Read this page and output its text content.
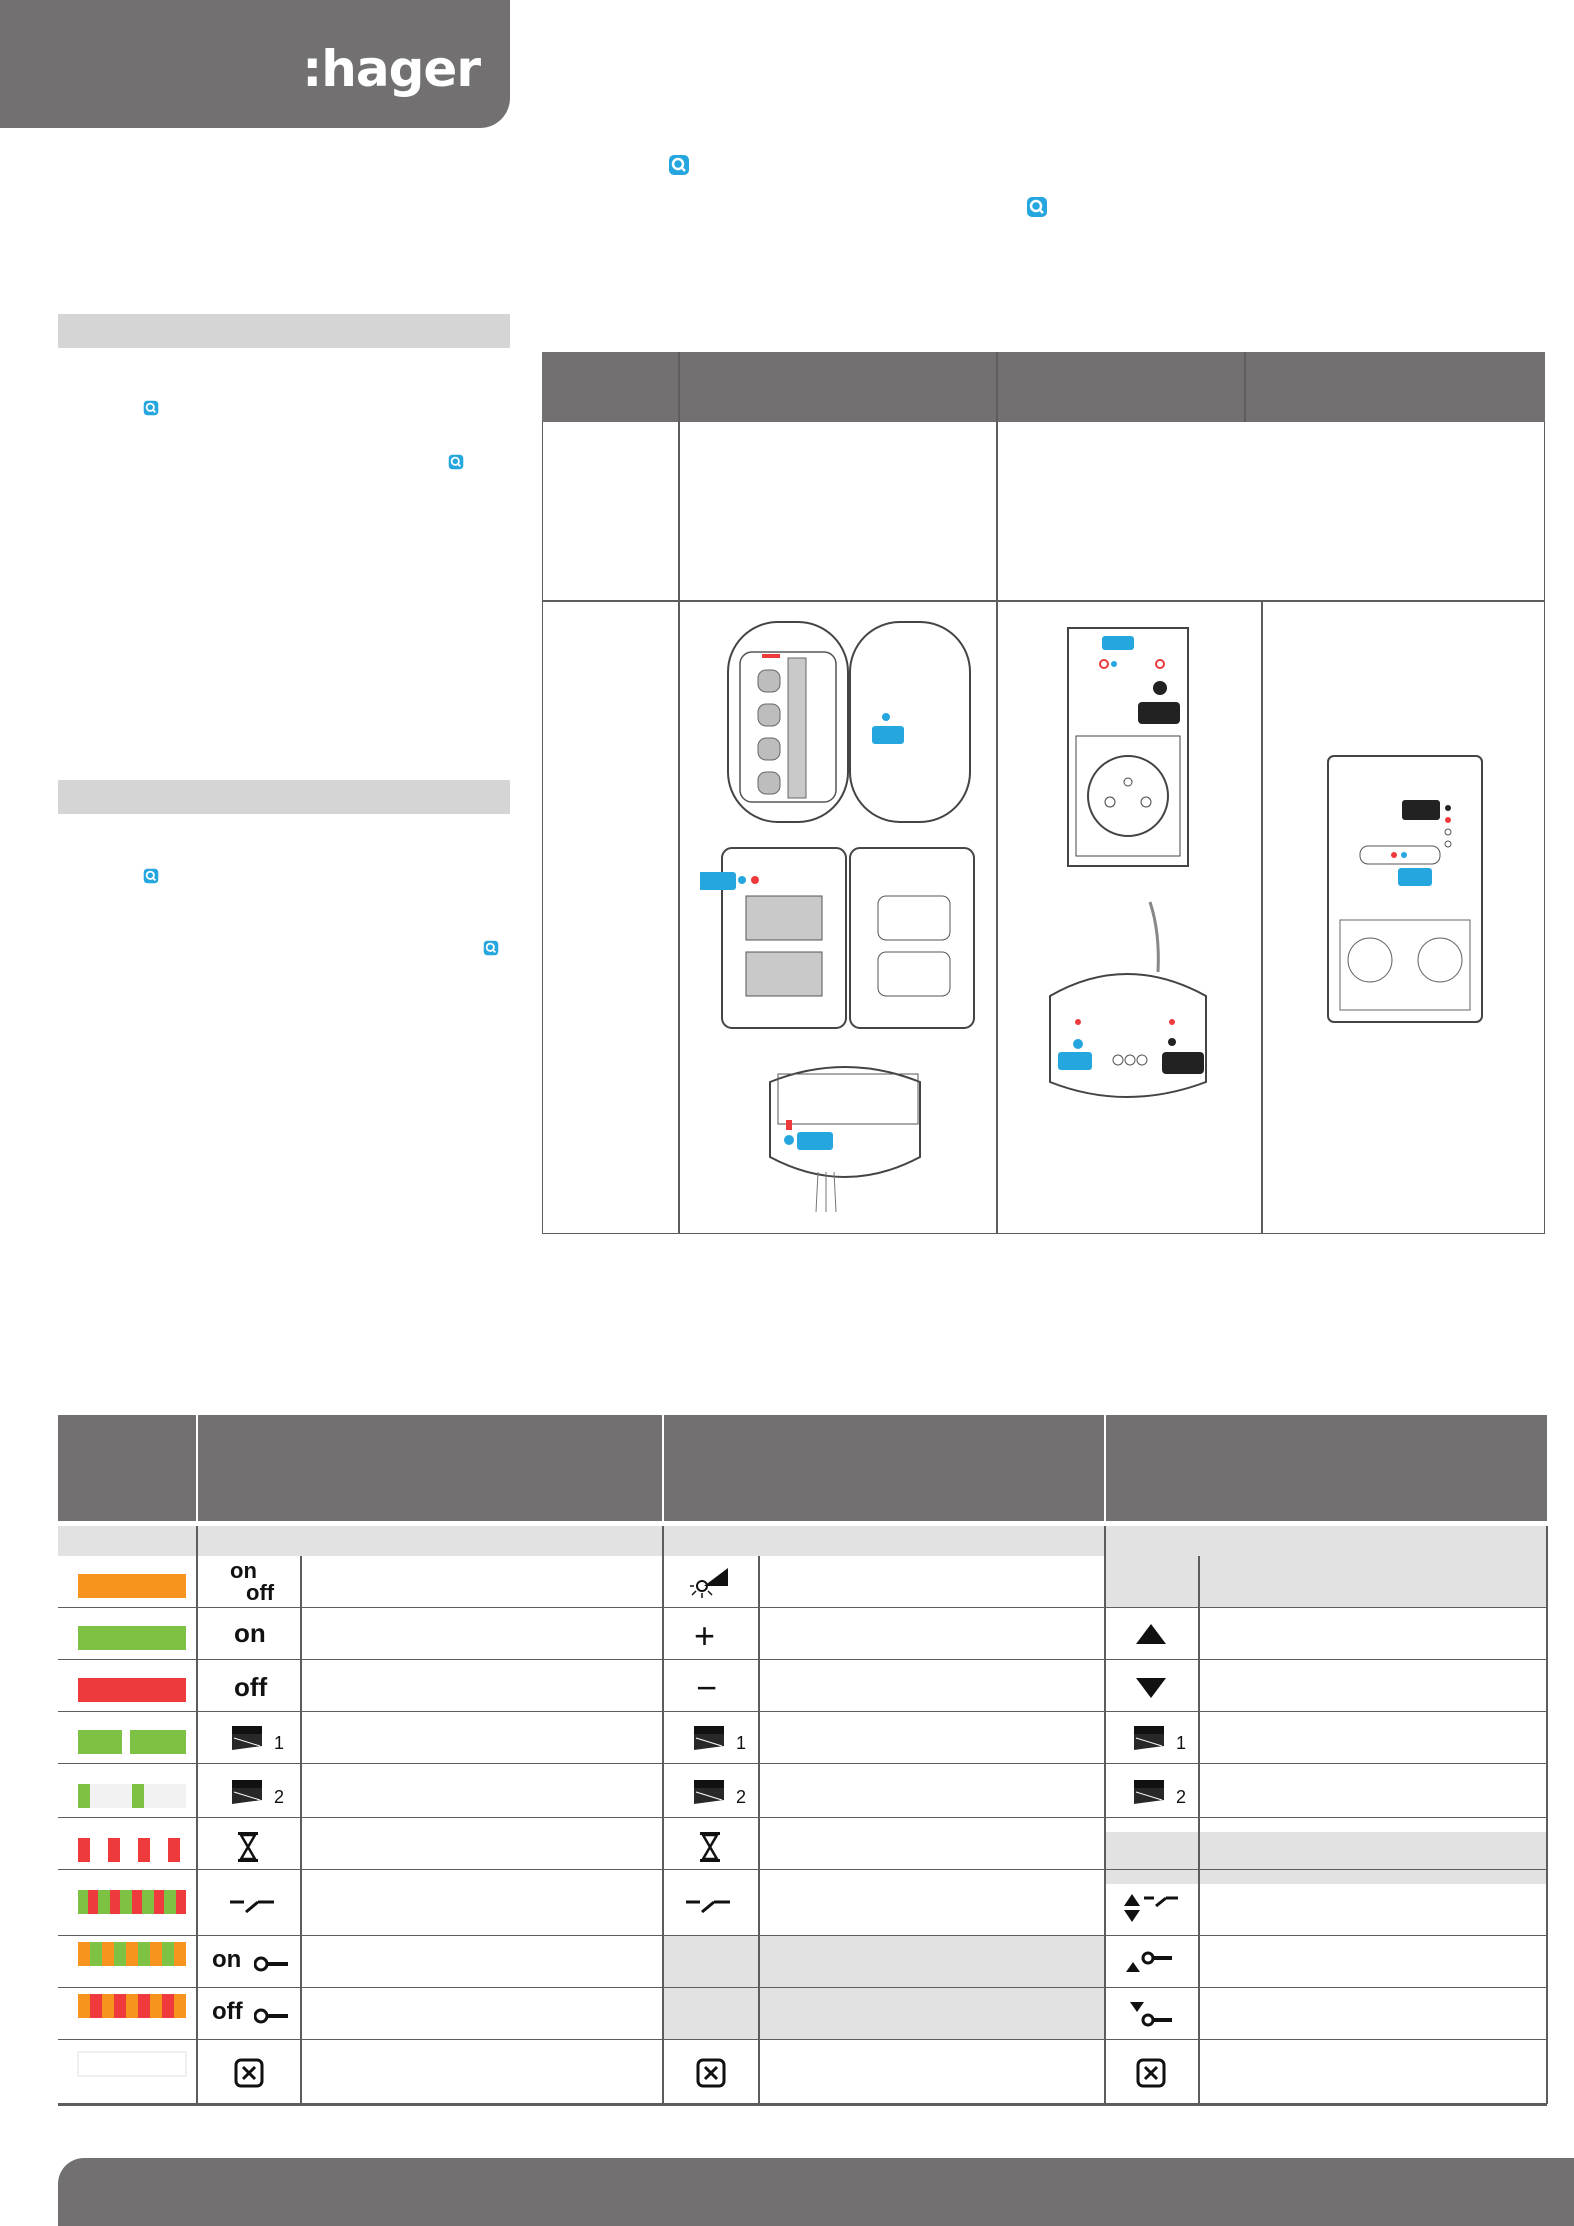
:hager
on
off
on
off
1
2
on
off
+
−
1
2
1
2
